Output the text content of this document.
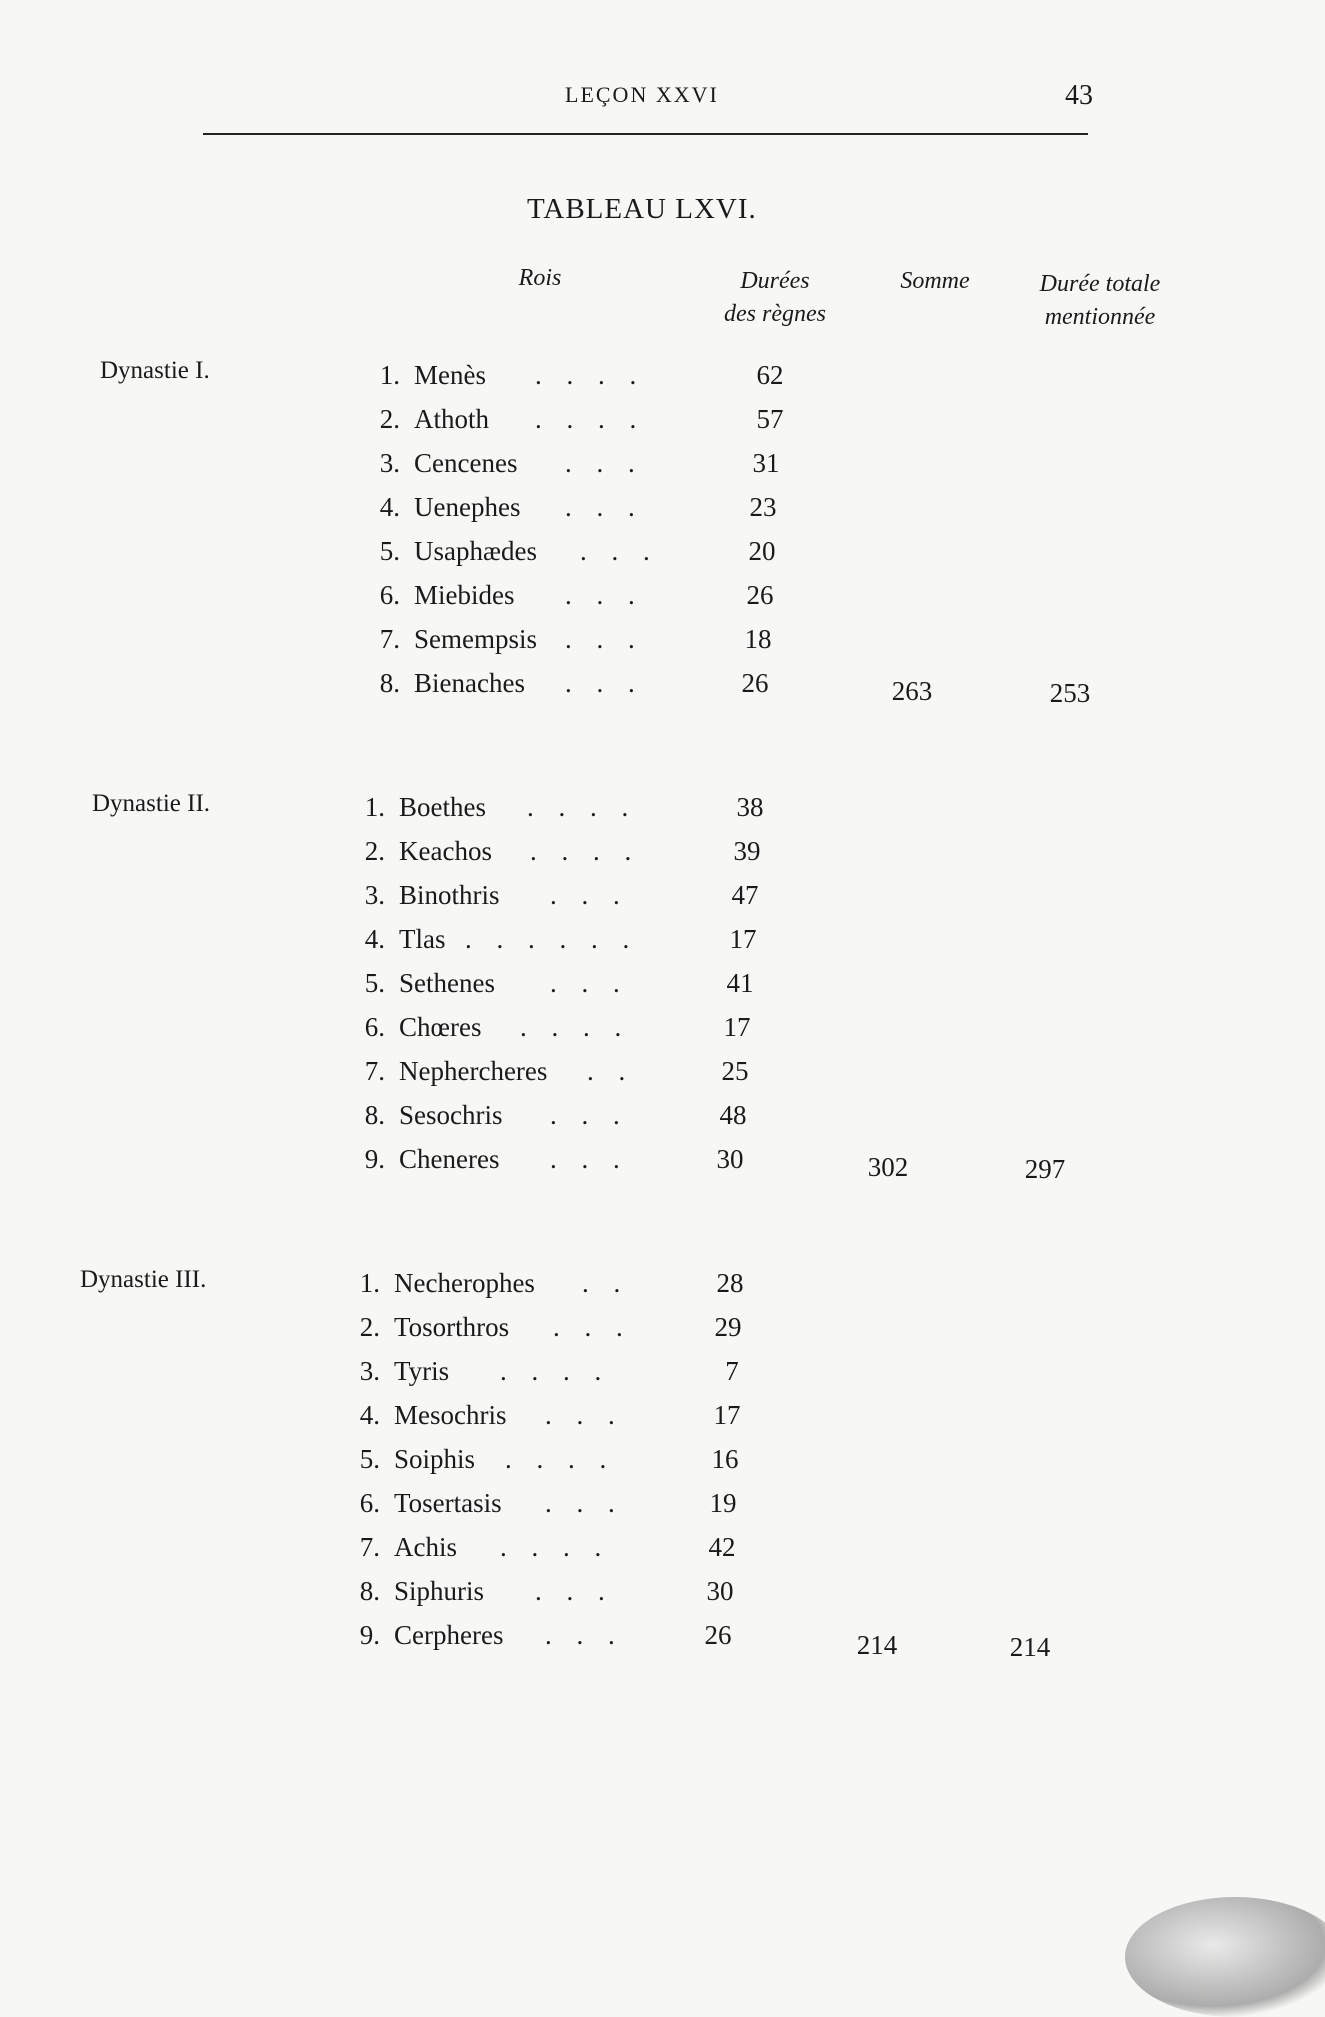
LEÇON XXVI	43
TABLEAU LXVI.
Rois	Durées
des règnes
Somme	Durée totale
mentionnée
Dynastie I.	1. Menès . . . .	62
2. Athoth . . . .	57
3. Cencenes . . .	31
4. Uenephes . . .	23
5. Usaphædes . . .	20
6. Miebides . . .	26
7. Semempsis . . .	18
8. Bienaches . . .	26	263	253
Dynastie II.	1. Boethes . . . .	38
2. Keachos . . . .	39
3. Binothris . . .	47
4. Tlas . . . . . .	17
5. Sethenes . . .	41
6. Chœres . . . .	17
7. Nephercheres . .	25
8. Sesochris . . .	48
9. Cheneres . . .	30	302	297
Dynastie III.	1. Necherophes . .	28
2. Tosorthros . . .	29
3. Tyris . . . .	7
4. Mesochris . . .	17
5. Soiphis . . . .	16
6. Tosertasis . . .	19
7. Achis . . . .	42
8. Siphuris . . .	30
9. Cerpheres . . .	26	214	214
